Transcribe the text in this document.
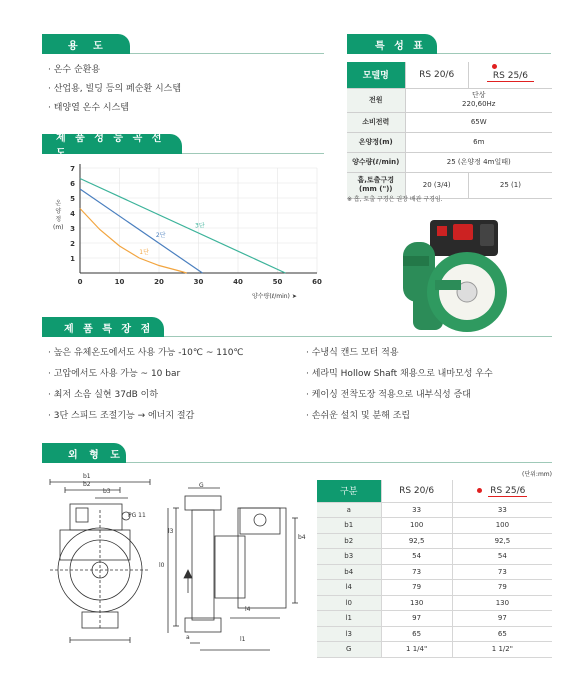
용 도
· 온수 순환용
· 산업용, 빌딩 등의 페순환 시스템
· 태양열 온수 시스템
특 성 표
모델명	RS 20/6	RS 25/6
전원	단상
220,60Hz	
소비전력	65W	
온양정(m)	6m	
양수량(ℓ/min)	25 (온양정 4m일때)	
흡,토출구경
(mm ("))	20 (3/4)	25 (1)
※ 흡, 토출 구경은 권장 배관 구경임.
제 품 성 능 곡 선 도
온
양
정
(m)
1
2
3
4
5
6
7
0	10	20	30	40	50	60
3단
2단
1단
양수량(ℓ/min) ➤
제 품 특 장 점
· 높은 유체온도에서도 사용 가능 -10℃ ~ 110℃
· 고압에서도 사용 가능 ~ 10 bar
· 최저 소음 실현 37dB 이하
· 3단 스피드 조절기능 → 에너지 절감
· 수냉식 캔드 모터 적용
· 세라믹 Hollow Shaft 채용으로 내마모성 우수
· 케이싱 전착도장 적용으로 내부식성 증대
· 손쉬운 설치 및 분해 조립
외 형 도
b1
b2
b3
PG 11
G
l3
l0
b4
l4
a	l1
(단위:mm)
구분	RS 20/6	RS 25/6
a	33	33
b1	100	100
b2	92,5	92,5
b3	54	54
b4	73	73
l4	79	79
l0	130	130
l1	97	97
l3	65	65
G	1 1/4"	1 1/2"
